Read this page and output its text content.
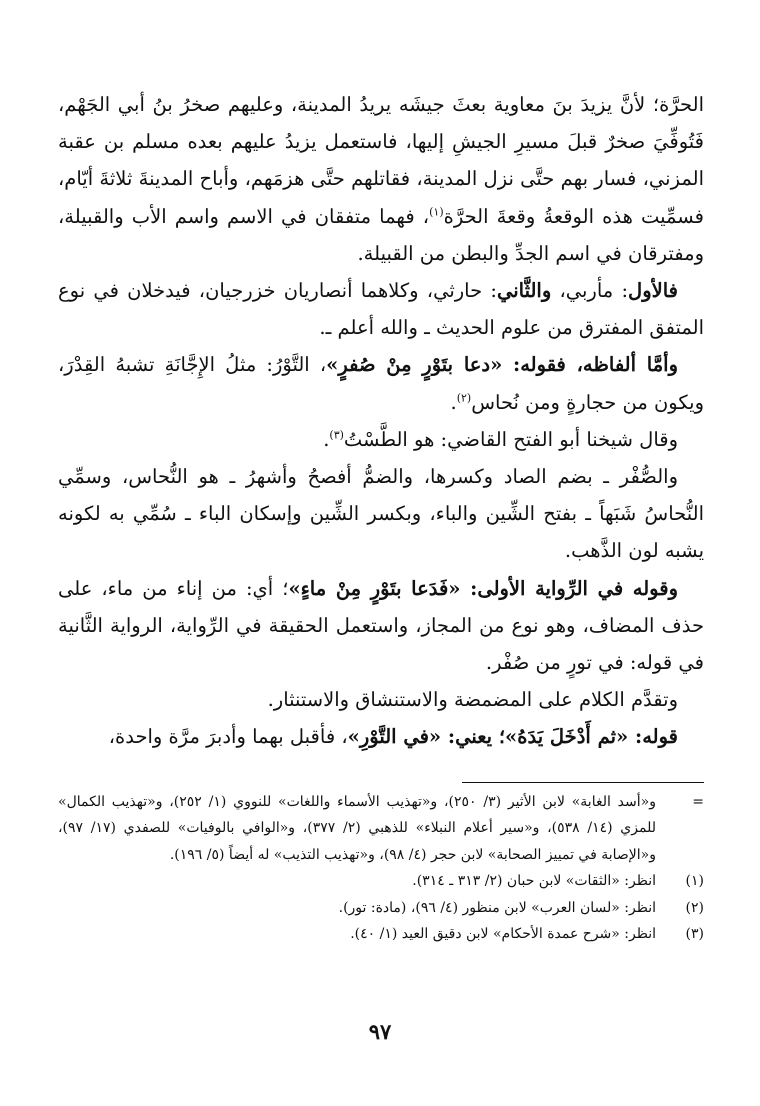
الحرَّة؛ لأنَّ يزيدَ بنَ معاوية بعثَ جيشَه يريدُ المدينة، وعليهم صخرُ بنُ أبي الجَهْم، فَتُوفِّيَ صخرٌ قبلَ مسيرِ الجيشِ إليها، فاستعمل يزيدُ عليهم بعده مسلم بن عقبة المزني، فسار بهم حتَّى نزل المدينة، فقاتلهم حتَّى هزمَهم، وأباح المدينةَ ثلاثةَ أيّام، فسمِّيت هذه الوقعةُ وقعةَ الحرَّة$^{(١)}$، فهما متفقان في الاسم واسم الأب والقبيلة، ومفترقان في اسم الجدِّ والبطن من القبيلة.

فالأول: مأربي، والثَّاني: حارثي، وكلاهما أنصاريان خزرجيان، فيدخلان في نوع المتفق المفترق من علوم الحديث ـ والله أعلم ـ.

وأمَّا ألفاظه، فقوله: «دعا بتَوْرٍ مِنْ صُفرٍ»، التَّوْرُ: مثلُ الإِجَّانَةِ تشبهُ القِدْرَ، ويكون من حجارةٍ ومن نُحاس$^{(٢)}$.

وقال شيخنا أبو الفتح القاضي: هو الطَّسْتُ$^{(٣)}$.

والصُّفْر ـ بضم الصاد وكسرها، والضمُّ أفصحُ وأشهرُ ـ هو النُّحاس، وسمِّي النُّحاسُ شَبَهاً ـ بفتح الشِّين والباء، وبكسر الشِّين وإسكان الباء ـ سُمِّي به لكونه يشبه لون الذَّهب.

وقوله في الرِّواية الأولى: «فَدَعا بتَوْرٍ مِنْ ماءٍ»؛ أي: من إناء من ماء، على حذف المضاف، وهو نوع من المجاز، واستعمل الحقيقة في الرِّواية، الرواية الثَّانية في قوله: في تورٍ من صُفْر.

وتقدَّم الكلام على المضمضة والاستنشاق والاستنثار.

قوله: «ثم أَدْخَلَ يَدَهُ»؛ يعني: «في التَّوْرِ»، فأقبل بهما وأدبرَ مرَّة واحدة،

=
و«أسد الغابة» لابن الأثير (٣/ ٢٥٠)، و«تهذيب الأسماء واللغات» للنووي (١/ ٢٥٢)، و«تهذيب الكمال» للمزي (١٤/ ٥٣٨)، و«سير أعلام النبلاء» للذهبي (٢/ ٣٧٧)، و«الوافي بالوفيات» للصفدي (١٧/ ٩٧)، و«الإصابة في تمييز الصحابة» لابن حجر (٤/ ٩٨)، و«تهذيب التذيب» له أيضاً (٥/ ١٩٦).
(١)
انظر: «الثقات» لابن حبان (٢/ ٣١٣ ـ ٣١٤).
(٢)
انظر: «لسان العرب» لابن منظور (٤/ ٩٦)، (مادة: تور).
(٣)
انظر: «شرح عمدة الأحكام» لابن دقيق العيد (١/ ٤٠).
٩٧
